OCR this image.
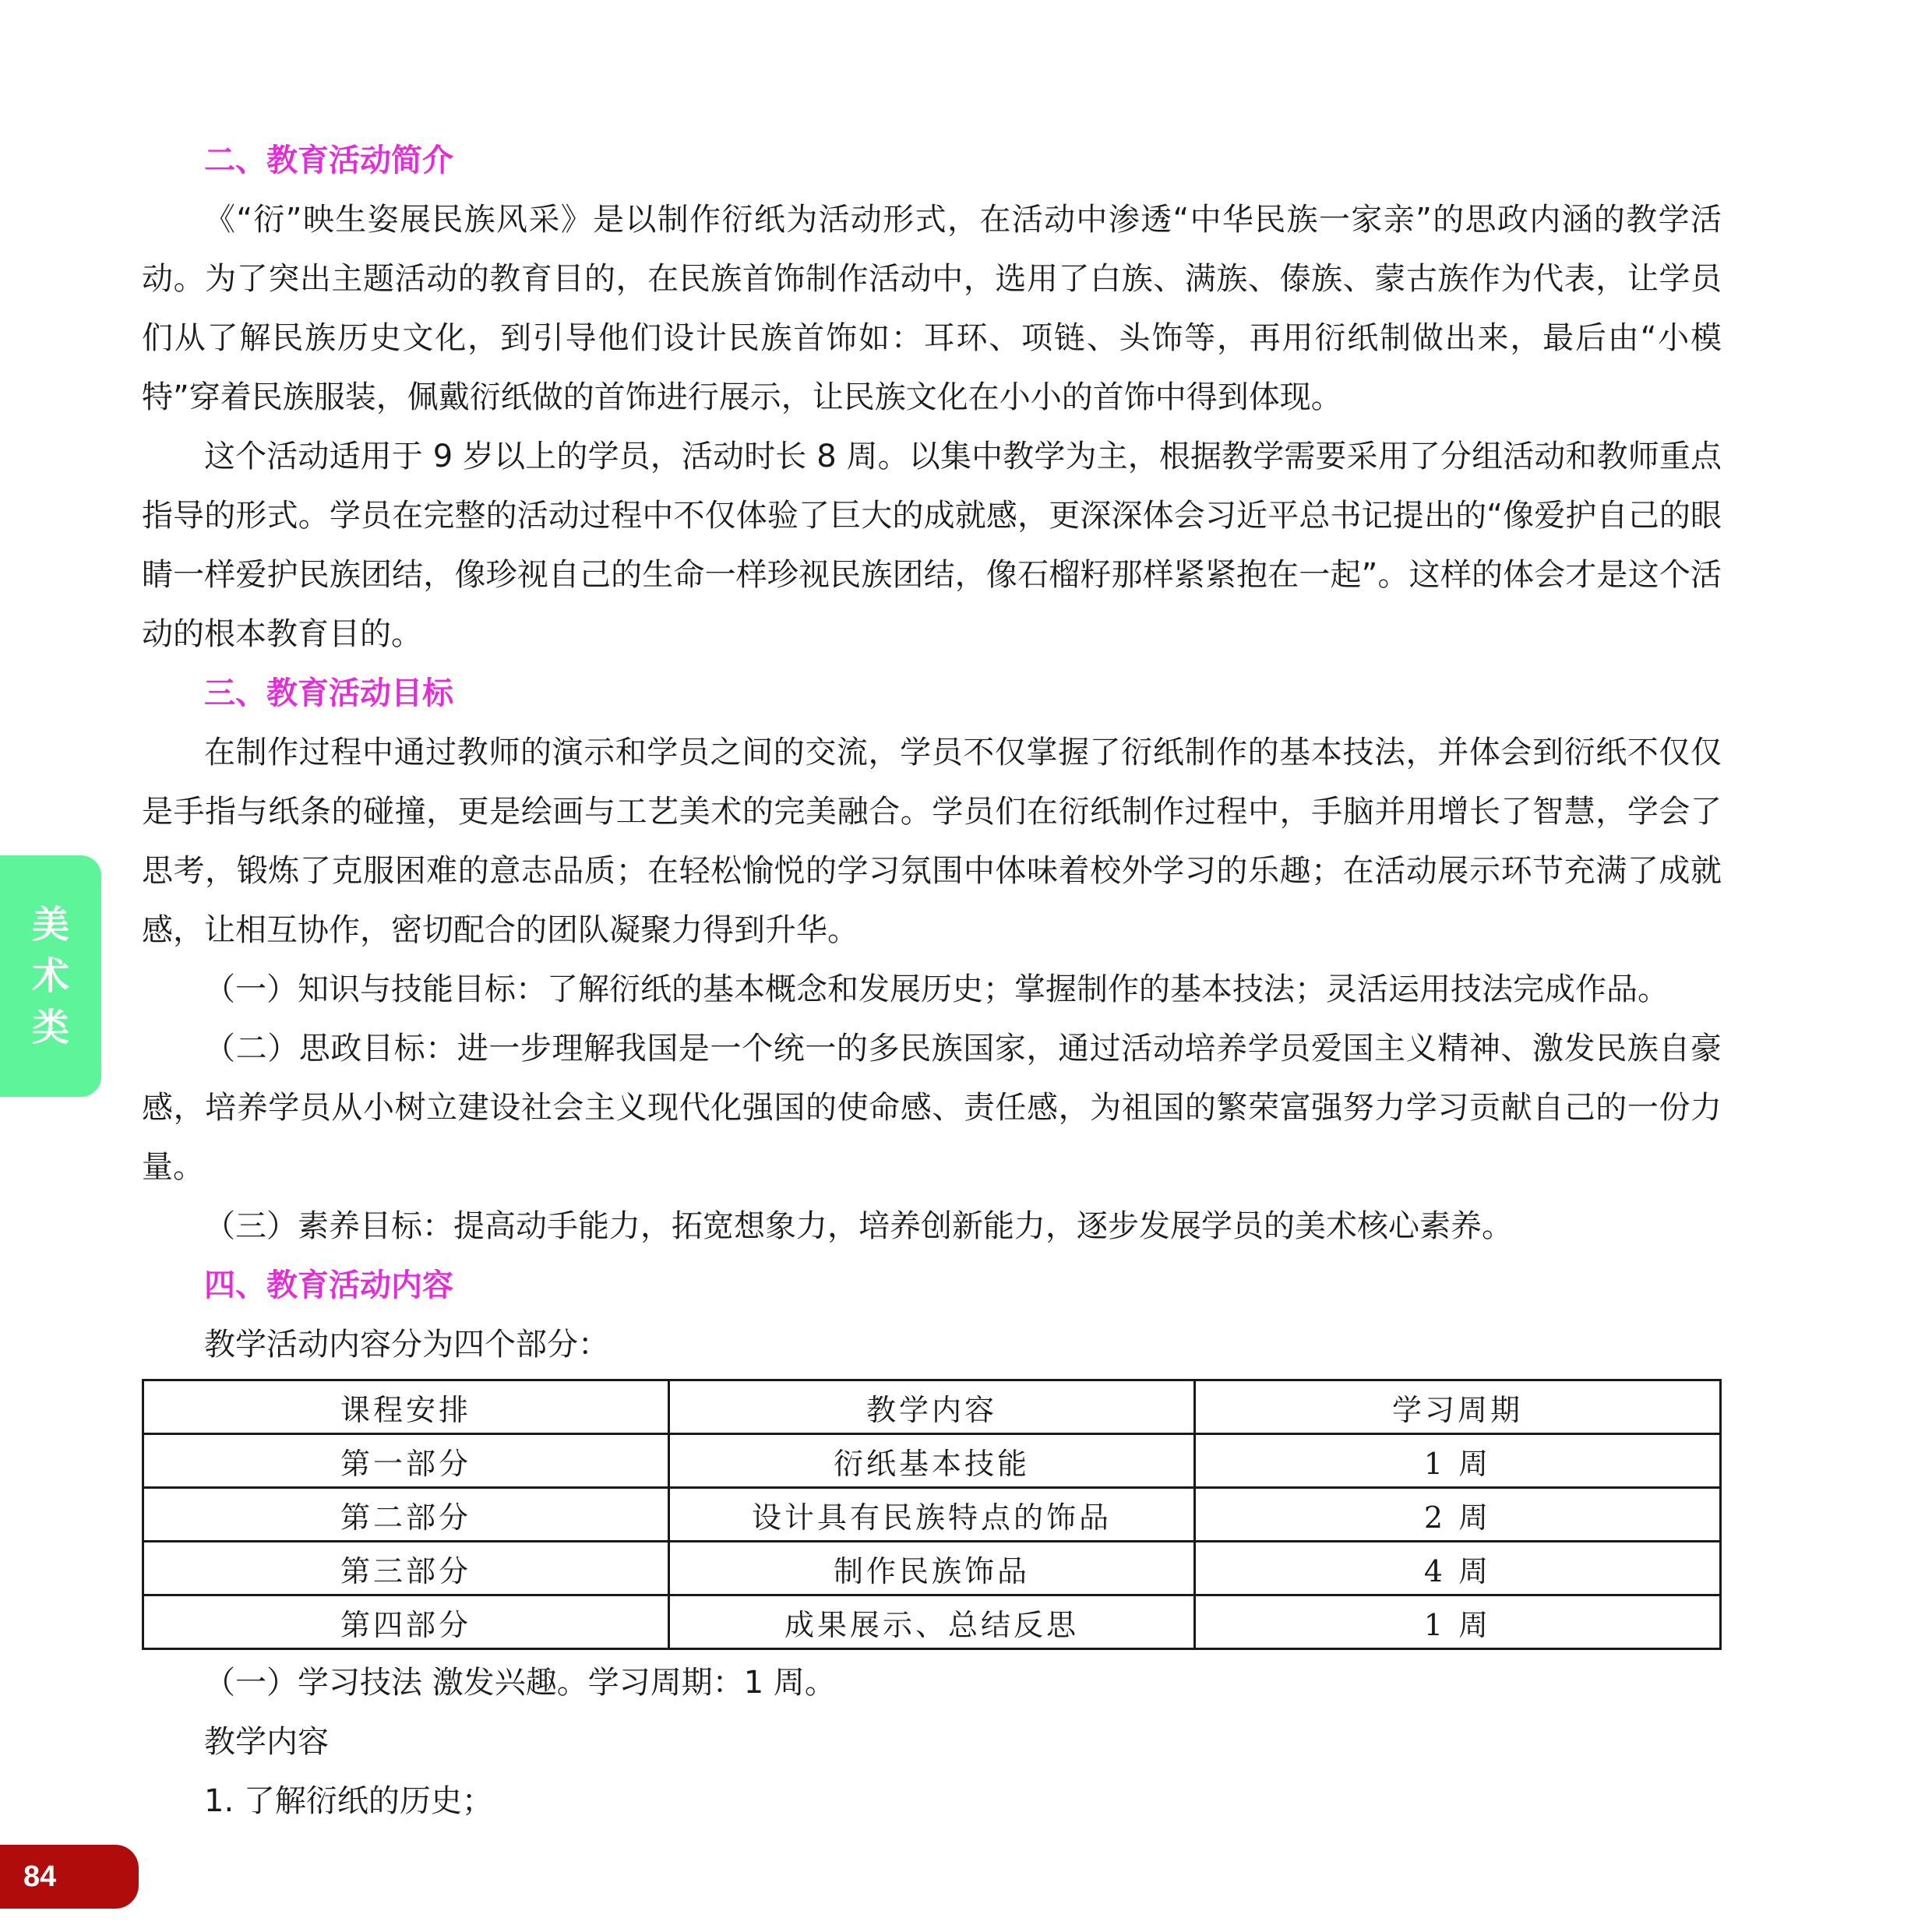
二、教育活动简介

《“衍”映生姿展民族风采》是以制作衍纸为活动形式，在活动中渗透“中华民族一家亲”的思政内涵的教学活动。为了突出主题活动的教育目的，在民族首饰制作活动中，选用了白族、满族、傣族、蒙古族作为代表，让学员们从了解民族历史文化，到引导他们设计民族首饰如：耳环、项链、头饰等，再用衍纸制做出来，最后由“小模特”穿着民族服装，佩戴衍纸做的首饰进行展示，让民族文化在小小的首饰中得到体现。

这个活动适用于 9 岁以上的学员，活动时长 8 周。以集中教学为主，根据教学需要采用了分组活动和教师重点指导的形式。学员在完整的活动过程中不仅体验了巨大的成就感，更深深体会习近平总书记提出的“像爱护自己的眼睛一样爱护民族团结，像珍视自己的生命一样珍视民族团结，像石榴籽那样紧紧抱在一起”。这样的体会才是这个活动的根本教育目的。

三、教育活动目标

在制作过程中通过教师的演示和学员之间的交流，学员不仅掌握了衍纸制作的基本技法，并体会到衍纸不仅仅是手指与纸条的碰撞，更是绘画与工艺美术的完美融合。学员们在衍纸制作过程中，手脑并用增长了智慧，学会了思考，锻炼了克服困难的意志品质；在轻松愉悦的学习氛围中体味着校外学习的乐趣；在活动展示环节充满了成就感，让相互协作，密切配合的团队凝聚力得到升华。

（一）知识与技能目标：了解衍纸的基本概念和发展历史；掌握制作的基本技法；灵活运用技法完成作品。

（二）思政目标：进一步理解我国是一个统一的多民族国家，通过活动培养学员爱国主义精神、激发民族自豪感，培养学员从小树立建设社会主义现代化强国的使命感、责任感，为祖国的繁荣富强努力学习贡献自己的一份力量。

（三）素养目标：提高动手能力，拓宽想象力，培养创新能力，逐步发展学员的美术核心素养。

四、教育活动内容

教学活动内容分为四个部分：

课程安排	教学内容	学习周期
第一部分	衍纸基本技能	1 周
第二部分	设计具有民族特点的饰品	2 周
第三部分	制作民族饰品	4 周
第四部分	成果展示、总结反思	1 周

（一）学习技法 激发兴趣。学习周期：1 周。

教学内容

1. 了解衍纸的历史；

美
术
类
84
